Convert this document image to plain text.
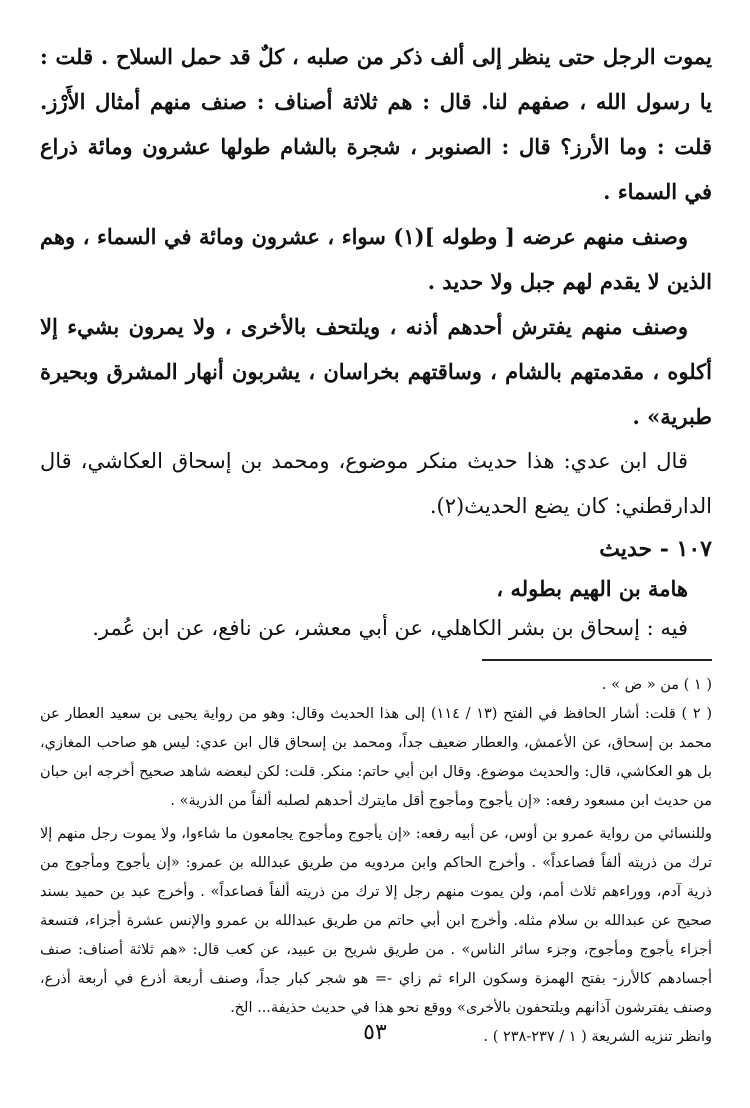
يموت الرجل حتى ينظر إلى ألف ذكر من صلبه ، كلٌ قد حمل السلاح . قلت : يا رسول الله ، صفهم لنا. قال : هم ثلاثة أصناف : صنف منهم أمثال الأَرْز. قلت : وما الأرز؟ قال : الصنوبر ، شجرة بالشام طولها عشرون ومائة ذراع في السماء .

وصنف منهم عرضه [ وطوله ](١) سواء ، عشرون ومائة في السماء ، وهم الذين لا يقدم لهم جبل ولا حديد .

وصنف منهم يفترش أحدهم أذنه ، ويلتحف بالأخرى ، ولا يمرون بشيء إلا أكلوه ، مقدمتهم بالشام ، وساقتهم بخراسان ، يشربون أنهار المشرق وبحيرة طبرية» .

قال ابن عدي: هذا حديث منكر موضوع، ومحمد بن إسحاق العكاشي، قال الدارقطني: كان يضع الحديث(٢).

١٠٧ - حديث

هامة بن الهيم بطوله ،

فيه : إسحاق بن بشر الكاهلي، عن أبي معشر، عن نافع، عن ابن عُمر.

( ١ ) من « ض » .

( ٢ ) قلت: أشار الحافظ في الفتح (١٣ / ١١٤) إلى هذا الحديث وقال: وهو من رواية يحيى بن سعيد العطار عن محمد بن إسحاق، عن الأعمش، والعطار ضعيف جداً، ومحمد بن إسحاق قال ابن عدي: ليس هو صاحب المغازي، بل هو العكاشي، قال: والحديث موضوع. وقال ابن أبي حاتم: منكر. قلت: لكن لبعضه شاهد صحيح أخرجه ابن حبان من حديث ابن مسعود رفعه: «إن يأجوج ومأجوج أقل مايترك أحدهم لصلبه ألفاً من الذرية» .

وللنسائي من رواية عمرو بن أوس، عن أبيه رفعه: «إن يأجوج ومأجوج يجامعون ما شاءوا، ولا يموت رجل منهم إلا ترك من ذريته ألفاً فصاعداً» . وأخرج الحاكم وابن مردويه من طريق عبدالله بن عمرو: «إن يأجوج ومأجوج من ذرية آدم، ووراءهم ثلاث أمم، ولن يموت منهم رجل إلا ترك من ذريته ألفاً فصاعداً» . وأخرج عبد بن حميد بسند صحيح عن عبدالله بن سلام مثله. وأخرج ابن أبي حاتم من طريق عبدالله بن عمرو والإنس عشرة أجزاء، فتسعة أجزاء يأجوج ومأجوج، وجزء سائر الناس» . من طريق شريح بن عبيد، عن كعب قال: «هم ثلاثة أصناف: صنف أجسادهم كالأرز- بفتح الهمزة وسكون الراء ثم زاي -= هو شجر كبار جداً، وصنف أربعة أذرع في أربعة أذرع، وصنف يفترشون آذانهم ويلتحفون بالأخرى» ووقع نحو هذا في حديث حذيفة... الخ.

وانظر تنزيه الشريعة ( ١ / ٢٣٧-٢٣٨ ) .

٥٣
